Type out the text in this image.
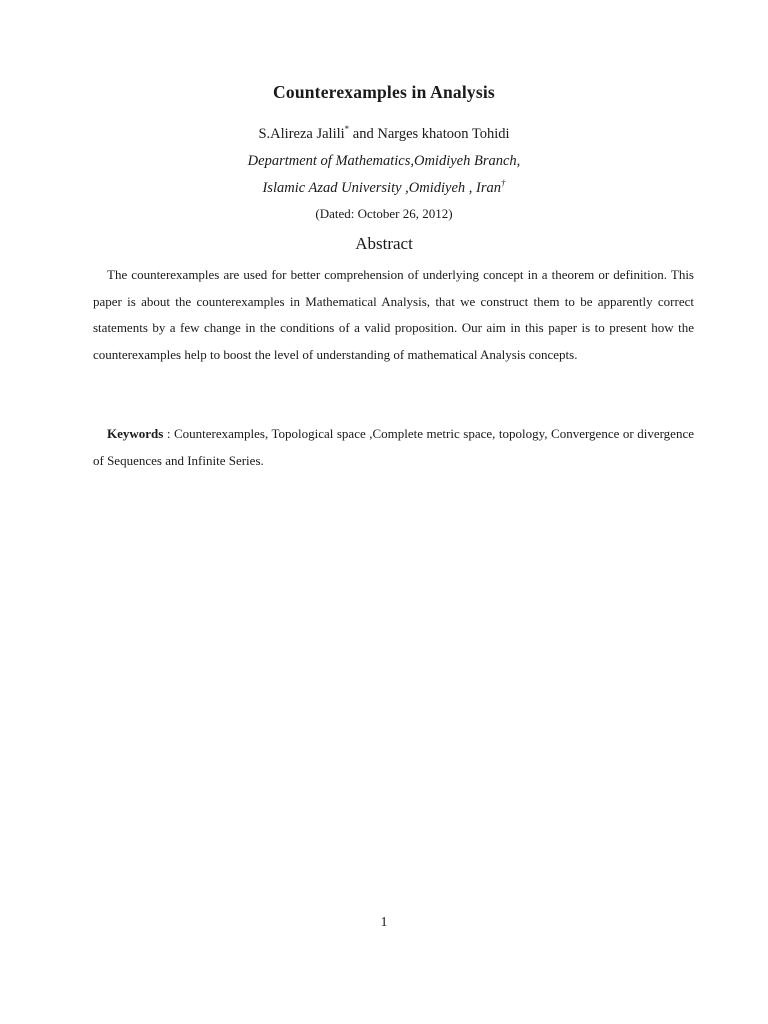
Counterexamples in Analysis
S.Alireza Jalili* and Narges khatoon Tohidi
Department of Mathematics,Omidiyeh Branch,
Islamic Azad University ,Omidiyeh , Iran†
(Dated: October 26, 2012)
Abstract
The counterexamples are used for better comprehension of underlying concept in a theorem or definition. This paper is about the counterexamples in Mathematical Analysis, that we construct them to be apparently correct statements by a few change in the conditions of a valid proposition. Our aim in this paper is to present how the counterexamples help to boost the level of understanding of mathematical Analysis concepts.
Keywords : Counterexamples, Topological space ,Complete metric space, topology, Convergence or divergence of Sequences and Infinite Series.
1
